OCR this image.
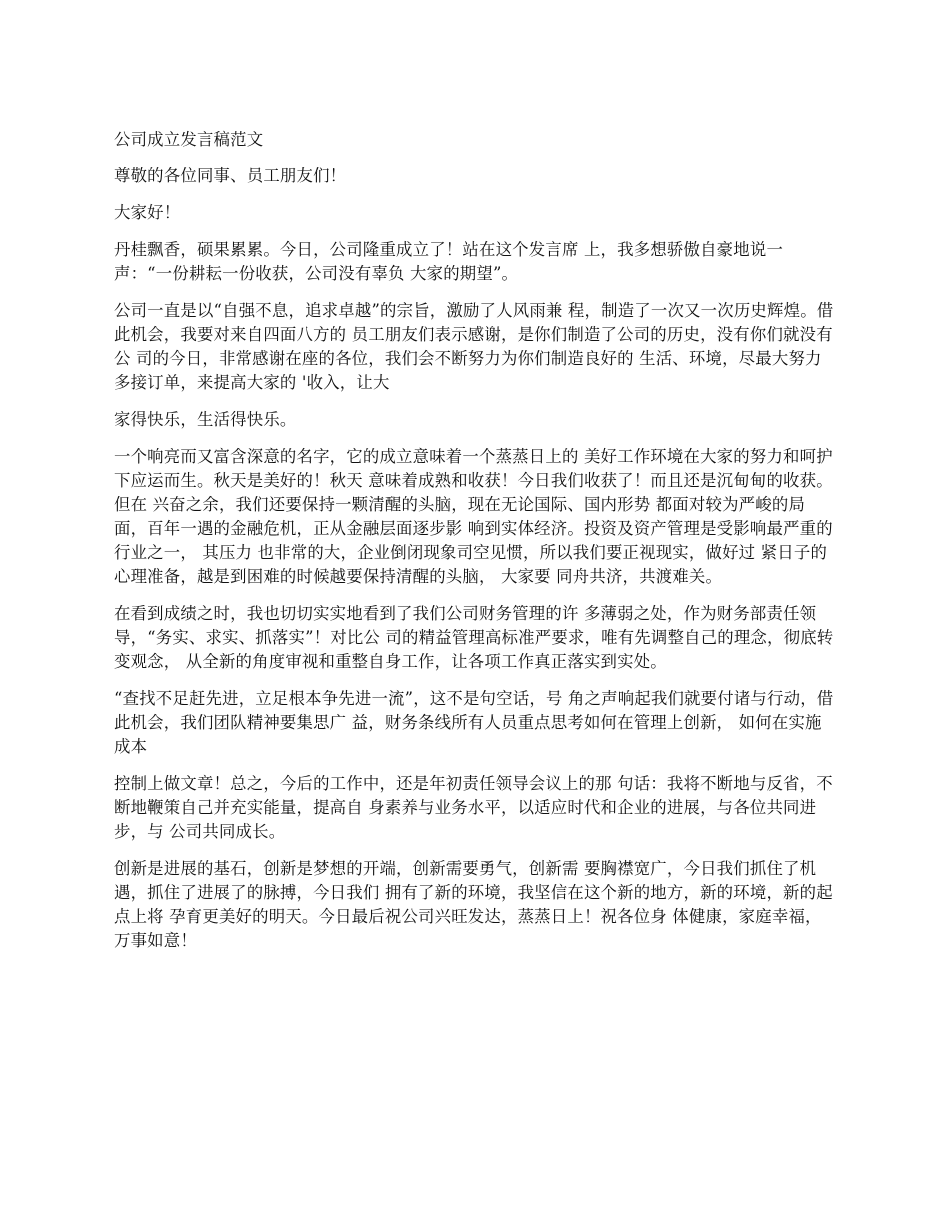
公司成立发言稿范文

尊敬的各位同事、员工朋友们！

大家好！

丹桂飘香，硕果累累。今日，公司隆重成立了！站在这个发言席 上，我多想骄傲自豪地说一声：“一份耕耘一份收获，公司没有辜负 大家的期望”。

公司一直是以“自强不息，追求卓越”的宗旨，激励了人风雨兼 程，制造了一次又一次历史辉煌。借此机会，我要对来自四面八方的 员工朋友们表示感谢，是你们制造了公司的历史，没有你们就没有公 司的今日，非常感谢在座的各位，我们会不断努力为你们制造良好的 生活、环境，尽最大努力多接订单，来提高大家的 '收入，让大

家得快乐，生活得快乐。

一个响亮而又富含深意的名字，它的成立意味着一个蒸蒸日上的 美好工作环境在大家的努力和呵护下应运而生。秋天是美好的！秋天 意味着成熟和收获！今日我们收获了！而且还是沉甸甸的收获。但在 兴奋之余，我们还要保持一颗清醒的头脑，现在无论国际、国内形势 都面对较为严峻的局面，百年一遇的金融危机，正从金融层面逐步影 响到实体经济。投资及资产管理是受影响最严重的行业之一， 其压力 也非常的大，企业倒闭现象司空见惯，所以我们要正视现实，做好过 紧日子的心理准备，越是到困难的时候越要保持清醒的头脑， 大家要 同舟共济，共渡难关。

在看到成绩之时，我也切切实实地看到了我们公司财务管理的许 多薄弱之处，作为财务部责任领导，“务实、求实、抓落实”！对比公 司的精益管理高标准严要求，唯有先调整自己的理念，彻底转变观念， 从全新的角度审视和重整自身工作，让各项工作真正落实到实处。

“查找不足赶先进，立足根本争先进一流”，这不是句空话，号 角之声响起我们就要付诸与行动，借此机会，我们团队精神要集思广 益，财务条线所有人员重点思考如何在管理上创新， 如何在实施成本

控制上做文章！总之，今后的工作中，还是年初责任领导会议上的那 句话：我将不断地与反省，不断地鞭策自己并充实能量，提高自 身素养与业务水平，以适应时代和企业的进展，与各位共同进步，与 公司共同成长。

创新是进展的基石，创新是梦想的开端，创新需要勇气，创新需 要胸襟宽广，今日我们抓住了机遇，抓住了进展了的脉搏，今日我们 拥有了新的环境，我坚信在这个新的地方，新的环境，新的起点上将 孕育更美好的明天。今日最后祝公司兴旺发达，蒸蒸日上！祝各位身 体健康，家庭幸福，万事如意！
